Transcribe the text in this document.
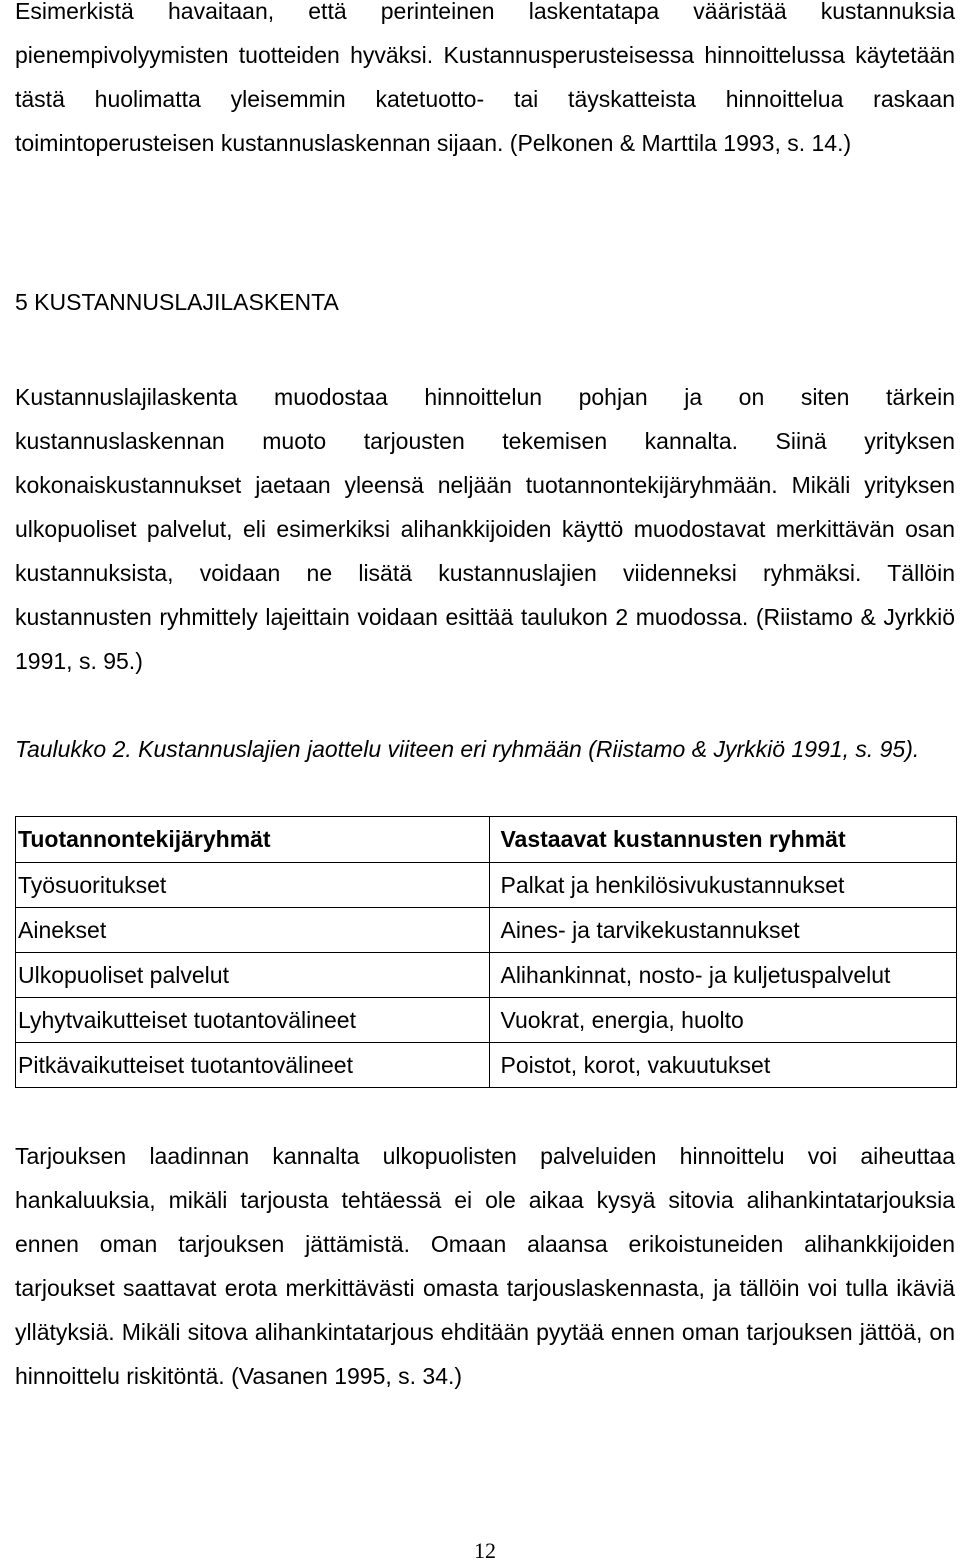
Esimerkistä havaitaan, että perinteinen laskentatapa vääristää kustannuksia pienempivolyymisten tuotteiden hyväksi. Kustannusperusteisessa hinnoittelussa käytetään tästä huolimatta yleisemmin katetuotto- tai täyskatteista hinnoittelua raskaan toimintoperusteisen kustannuslaskennan sijaan. (Pelkonen & Marttila 1993, s. 14.)

5 KUSTANNUSLAJILASKENTA

Kustannuslajilaskenta muodostaa hinnoittelun pohjan ja on siten tärkein kustannuslaskennan muoto tarjousten tekemisen kannalta. Siinä yrityksen kokonaiskustannukset jaetaan yleensä neljään tuotannontekijäryhmään. Mikäli yrityksen ulkopuoliset palvelut, eli esimerkiksi alihankkijoiden käyttö muodostavat merkittävän osan kustannuksista, voidaan ne lisätä kustannuslajien viidenneksi ryhmäksi. Tällöin kustannusten ryhmittely lajeittain voidaan esittää taulukon 2 muodossa. (Riistamo & Jyrkkiö 1991, s. 95.)

Taulukko 2. Kustannuslajien jaottelu viiteen eri ryhmään (Riistamo & Jyrkkiö 1991, s. 95).

Tuotannontekijäryhmät	Vastaavat kustannusten ryhmät
Työsuoritukset	Palkat ja henkilösivukustannukset
Ainekset	Aines- ja tarvikekustannukset
Ulkopuoliset palvelut	Alihankinnat, nosto- ja kuljetuspalvelut
Lyhytvaikutteiset tuotantovälineet	Vuokrat, energia, huolto
Pitkävaikutteiset tuotantovälineet	Poistot, korot, vakuutukset

Tarjouksen laadinnan kannalta ulkopuolisten palveluiden hinnoittelu voi aiheuttaa hankaluuksia, mikäli tarjousta tehtäessä ei ole aikaa kysyä sitovia alihankintatarjouksia ennen oman tarjouksen jättämistä. Omaan alaansa erikoistuneiden alihankkijoiden tarjoukset saattavat erota merkittävästi omasta tarjouslaskennasta, ja tällöin voi tulla ikäviä yllätyksiä. Mikäli sitova alihankintatarjous ehditään pyytää ennen oman tarjouksen jättöä, on hinnoittelu riskitöntä. (Vasanen 1995, s. 34.)

12
